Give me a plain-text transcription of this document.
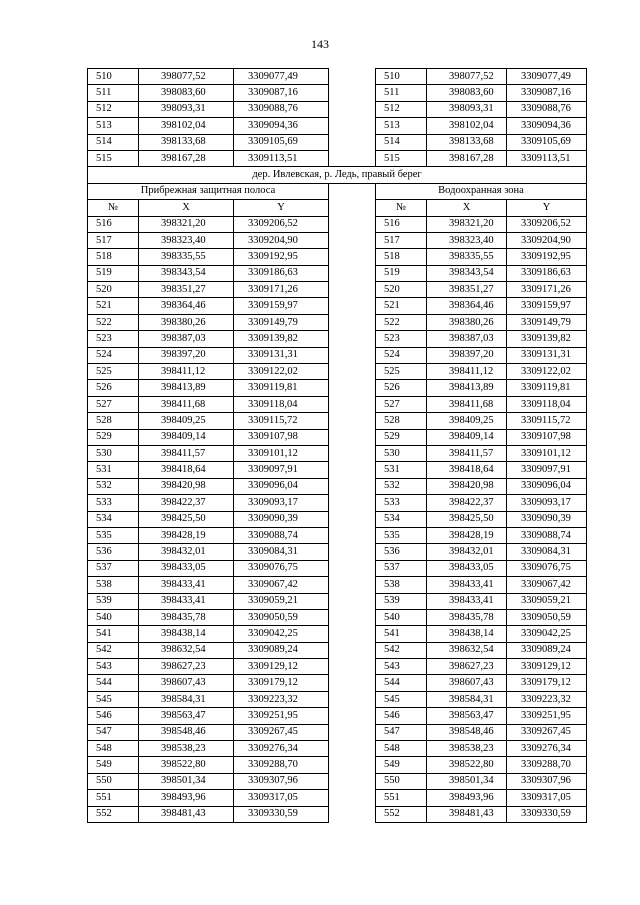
143
510	398077,52	3309077,49		510	398077,52	3309077,49
511	398083,60	3309087,16		511	398083,60	3309087,16
512	398093,31	3309088,76		512	398093,31	3309088,76
513	398102,04	3309094,36		513	398102,04	3309094,36
514	398133,68	3309105,69		514	398133,68	3309105,69
515	398167,28	3309113,51		515	398167,28	3309113,51
дер. Ивлевская, р. Ледь, правый берег						
Прибрежная защитная полоса				Водоохранная зона		
№	X	Y		№	X	Y
516	398321,20	3309206,52		516	398321,20	3309206,52
517	398323,40	3309204,90		517	398323,40	3309204,90
518	398335,55	3309192,95		518	398335,55	3309192,95
519	398343,54	3309186,63		519	398343,54	3309186,63
520	398351,27	3309171,26		520	398351,27	3309171,26
521	398364,46	3309159,97		521	398364,46	3309159,97
522	398380,26	3309149,79		522	398380,26	3309149,79
523	398387,03	3309139,82		523	398387,03	3309139,82
524	398397,20	3309131,31		524	398397,20	3309131,31
525	398411,12	3309122,02		525	398411,12	3309122,02
526	398413,89	3309119,81		526	398413,89	3309119,81
527	398411,68	3309118,04		527	398411,68	3309118,04
528	398409,25	3309115,72		528	398409,25	3309115,72
529	398409,14	3309107,98		529	398409,14	3309107,98
530	398411,57	3309101,12		530	398411,57	3309101,12
531	398418,64	3309097,91		531	398418,64	3309097,91
532	398420,98	3309096,04		532	398420,98	3309096,04
533	398422,37	3309093,17		533	398422,37	3309093,17
534	398425,50	3309090,39		534	398425,50	3309090,39
535	398428,19	3309088,74		535	398428,19	3309088,74
536	398432,01	3309084,31		536	398432,01	3309084,31
537	398433,05	3309076,75		537	398433,05	3309076,75
538	398433,41	3309067,42		538	398433,41	3309067,42
539	398433,41	3309059,21		539	398433,41	3309059,21
540	398435,78	3309050,59		540	398435,78	3309050,59
541	398438,14	3309042,25		541	398438,14	3309042,25
542	398632,54	3309089,24		542	398632,54	3309089,24
543	398627,23	3309129,12		543	398627,23	3309129,12
544	398607,43	3309179,12		544	398607,43	3309179,12
545	398584,31	3309223,32		545	398584,31	3309223,32
546	398563,47	3309251,95		546	398563,47	3309251,95
547	398548,46	3309267,45		547	398548,46	3309267,45
548	398538,23	3309276,34		548	398538,23	3309276,34
549	398522,80	3309288,70		549	398522,80	3309288,70
550	398501,34	3309307,96		550	398501,34	3309307,96
551	398493,96	3309317,05		551	398493,96	3309317,05
552	398481,43	3309330,59		552	398481,43	3309330,59
